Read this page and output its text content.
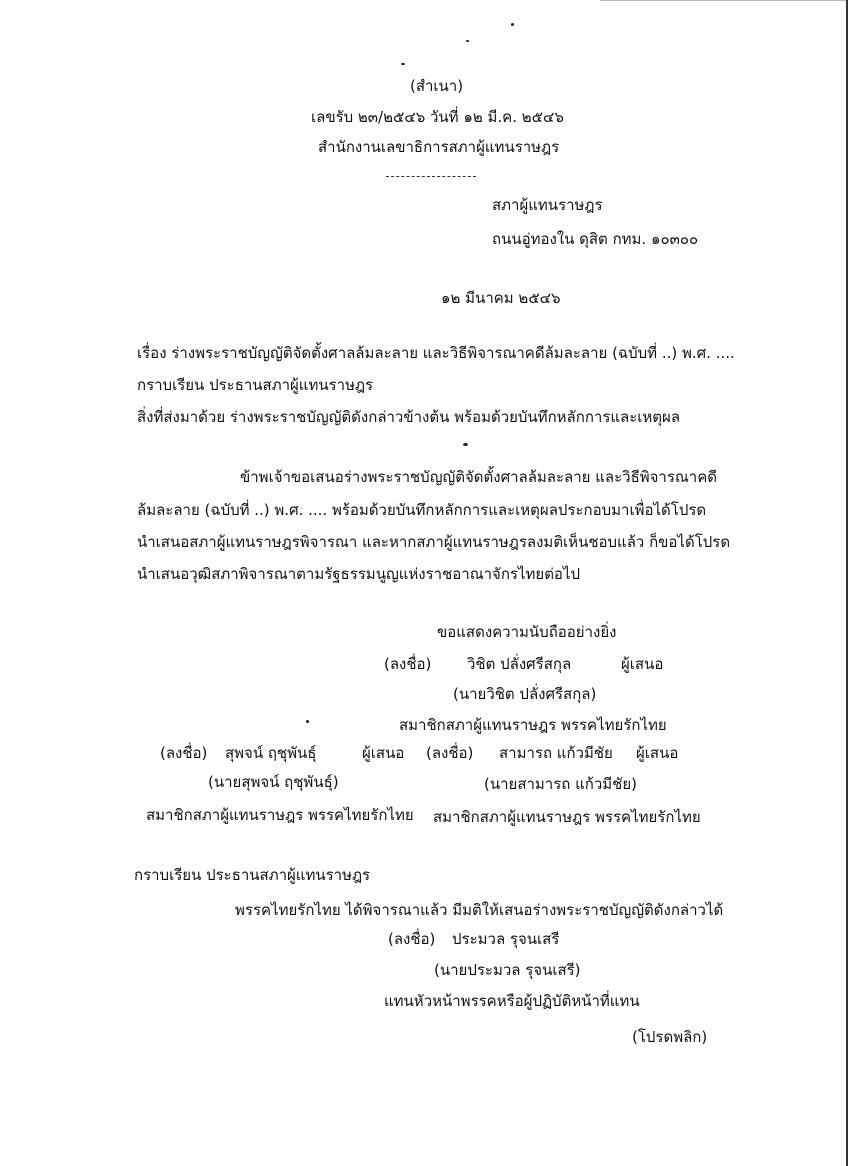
(สำเนา)
เลขรับ ๒๓/๒๕๔๖ วันที่ ๑๒ มี.ค. ๒๕๔๖
สำนักงานเลขาธิการสภาผู้แทนราษฎร
สภาผู้แทนราษฎร
ถนนอู่ทองใน ดุสิต กทม. ๑๐๓๐๐
๑๒ มีนาคม ๒๕๔๖
เรื่อง ร่างพระราชบัญญัติจัดตั้งศาลล้มละลาย และวิธีพิจารณาคดีล้มละลาย (ฉบับที่ ..) พ.ศ. ....
กราบเรียน ประธานสภาผู้แทนราษฎร
สิ่งที่ส่งมาด้วย ร่างพระราชบัญญัติดังกล่าวข้างต้น พร้อมด้วยบันทึกหลักการและเหตุผล
ข้าพเจ้าขอเสนอร่างพระราชบัญญัติจัดตั้งศาลล้มละลาย และวิธีพิจารณาคดี
ล้มละลาย (ฉบับที่ ..) พ.ศ. .... พร้อมด้วยบันทึกหลักการและเหตุผลประกอบมาเพื่อได้โปรด
นำเสนอสภาผู้แทนราษฎรพิจารณา และหากสภาผู้แทนราษฎรลงมติเห็นชอบแล้ว ก็ขอได้โปรด
นำเสนอวุฒิสภาพิจารณาตามรัฐธรรมนูญแห่งราชอาณาจักรไทยต่อไป
ขอแสดงความนับถืออย่างยิ่ง
(ลงชื่อ) วิชิต ปลั่งศรีสกุล	ผู้เสนอ
(นายวิชิต ปลั่งศรีสกุล)
สมาชิกสภาผู้แทนราษฎร พรรคไทยรักไทย
(ลงชื่อ) สุพจน์ ฤชุพันธุ์	ผู้เสนอ (ลงชื่อ) สามารถ แก้วมีชัย ผู้เสนอ
(นายสุพจน์ ฤชุพันธุ์)	(นายสามารถ แก้วมีชัย)
สมาชิกสภาผู้แทนราษฎร พรรคไทยรักไทย สมาชิกสภาผู้แทนราษฎร พรรคไทยรักไทย
กราบเรียน ประธานสภาผู้แทนราษฎร
พรรคไทยรักไทย ได้พิจารณาแล้ว มีมติให้เสนอร่างพระราชบัญญัติดังกล่าวได้
(ลงชื่อ) ประมวล รุจนเสรี
(นายประมวล รุจนเสรี)
แทนหัวหน้าพรรคหรือผู้ปฏิบัติหน้าที่แทน
(โปรดพลิก)
